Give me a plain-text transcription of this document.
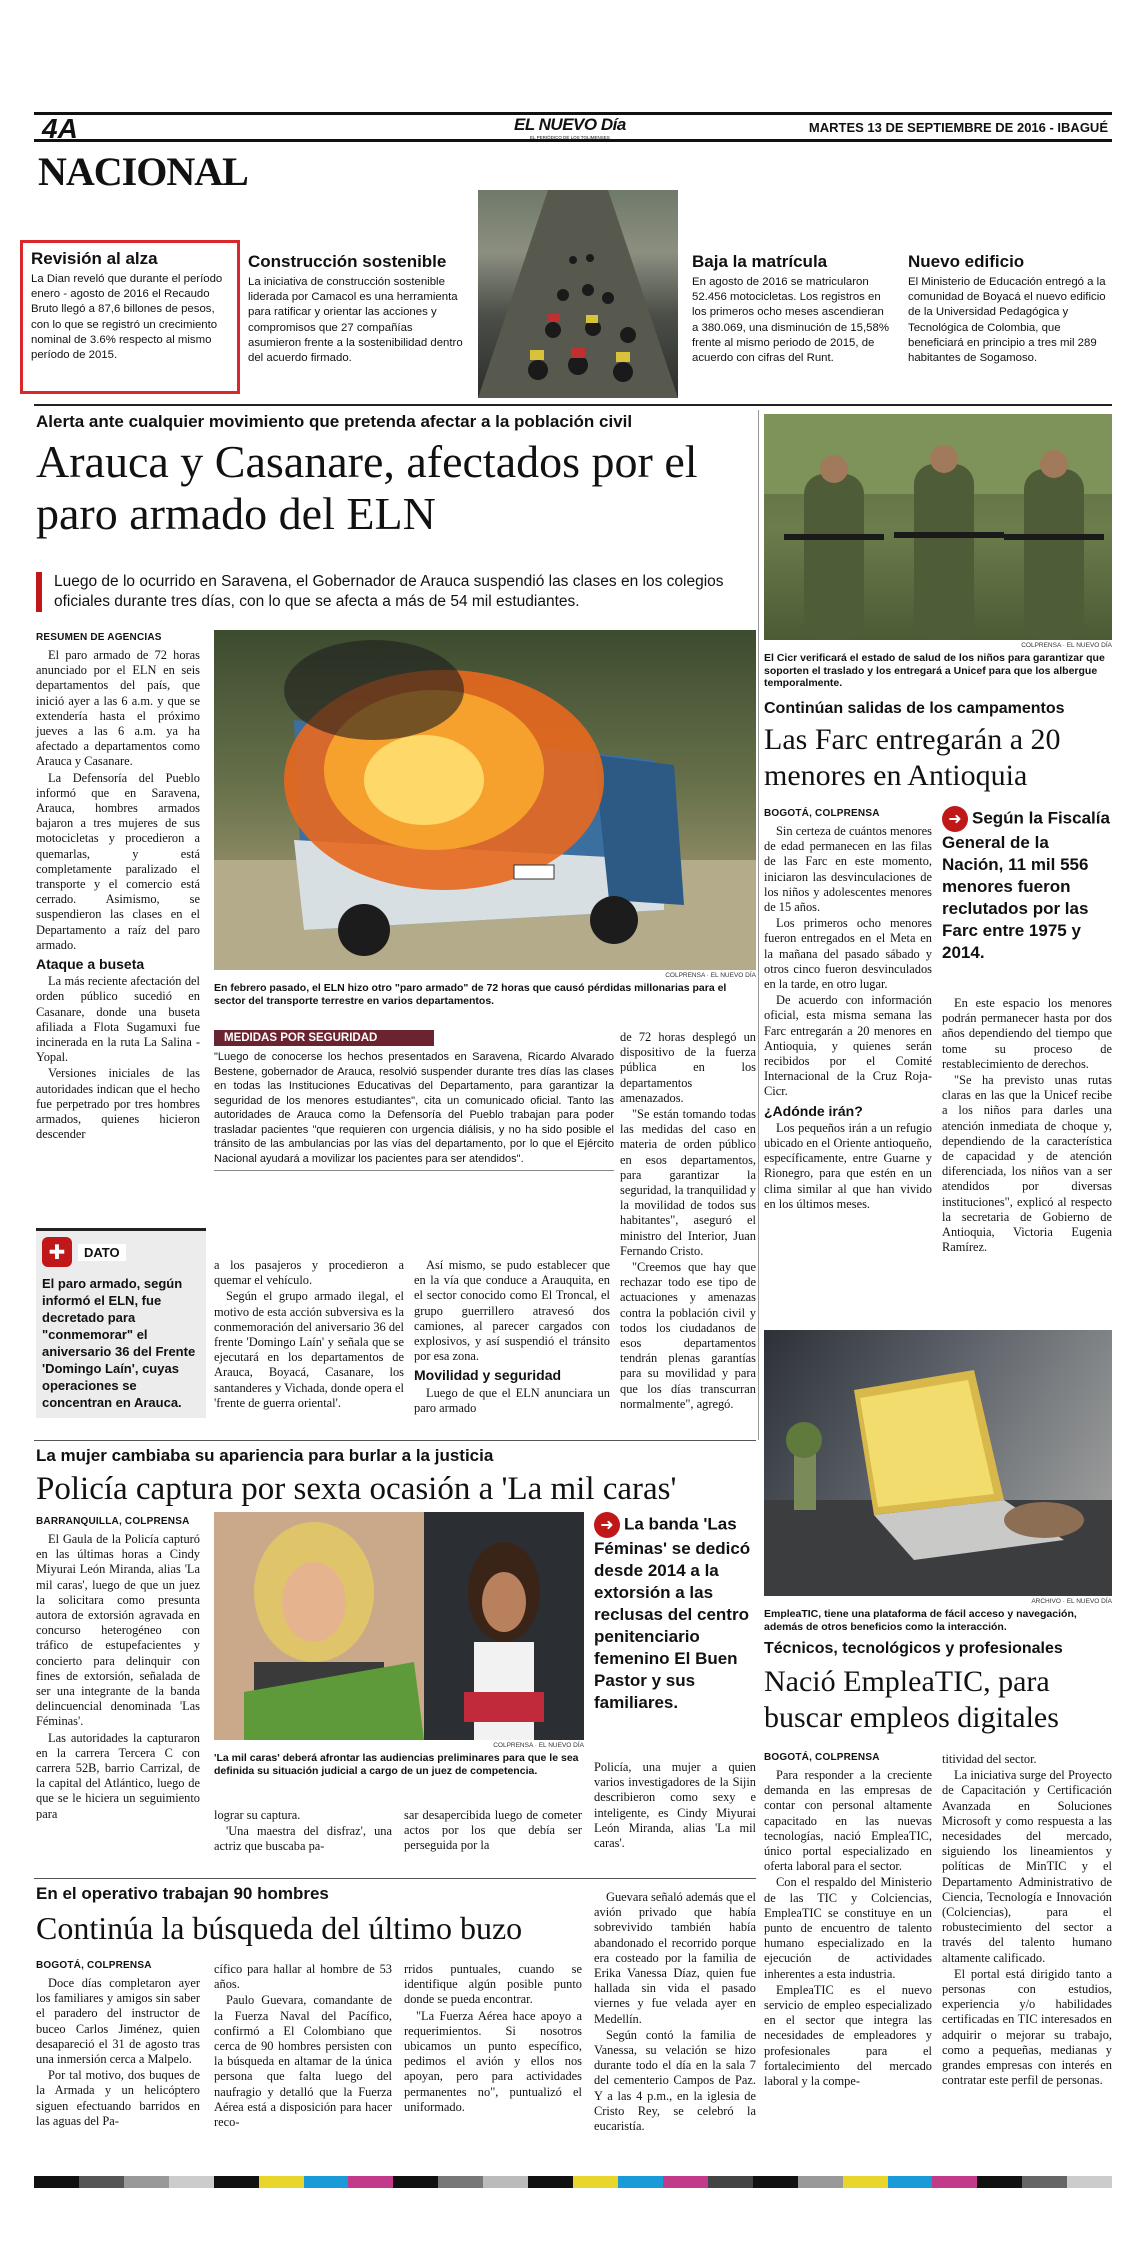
4A	EL NUEVO Día
EL PERIÓDICO DE LOS TOLIMENSES
MARTES 13 DE SEPTIEMBRE DE 2016 - IBAGUÉ
NACIONAL
Revisión al alza
La Dian reveló que durante el período enero - agosto de 2016 el Recaudo Bruto llegó a 87,6 billones de pesos, con lo que se registró un crecimiento nominal de 3.6% respecto al mismo período de 2015.
Construcción sostenible
La iniciativa de construcción sostenible liderada por Camacol es una herramienta para ratificar y orientar las acciones y compromisos que 27 compañías asumieron frente a la sostenibilidad dentro del acuerdo firmado.
Baja la matrícula
En agosto de 2016 se matricularon 52.456 motocicletas. Los registros en los primeros ocho meses ascendieran a 380.069, una disminución de 15,58% frente al mismo periodo de 2015, de acuerdo con cifras del Runt.
Nuevo edificio
El Ministerio de Educación entregó a la comunidad de Boyacá el nuevo edificio de la Universidad Pedagógica y Tecnológica de Colombia, que beneficiará en principio a tres mil 289 habitantes de Sogamoso.
Alerta ante cualquier movimiento que pretenda afectar a la población civil
Arauca y Casanare, afectados por el paro armado del ELN
Luego de lo ocurrido en Saravena, el Gobernador de Arauca suspendió las clases en los colegios oficiales durante tres días, con lo que se afecta a más de 54 mil estudiantes.
RESUMEN DE AGENCIAS

El paro armado de 72 horas anunciado por el ELN en seis departamentos del país, que inició ayer a las 6 a.m. y que se extendería hasta el próximo jueves a las 6 a.m. ya ha afectado a departamentos como Arauca y Casanare.

La Defensoría del Pueblo informó que en Saravena, Arauca, hombres armados bajaron a tres mujeres de sus motocicletas y procedieron a quemarlas, y está completamente paralizado el transporte y el comercio está cerrado. Asimismo, se suspendieron las clases en el Departamento a raíz del paro armado.

Ataque a buseta

La más reciente afectación del orden público sucedió en Casanare, donde una buseta afiliada a Flota Sugamuxi fue incinerada en la ruta La Salina - Yopal.

Versiones iniciales de las autoridades indican que el hecho fue perpetrado por tres hombres armados, quienes hicieron descender

✚	DATO
El paro armado, según informó el ELN, fue decretado para "conmemorar" el aniversario 36 del Frente 'Domingo Laín', cuyas operaciones se concentran en Arauca.
COLPRENSA · EL NUEVO DÍA
En febrero pasado, el ELN hizo otro "paro armado" de 72 horas que causó pérdidas millonarias para el sector del transporte terrestre en varios departamentos.
MEDIDAS POR SEGURIDAD
"Luego de conocerse los hechos presentados en Saravena, Ricardo Alvarado Bestene, gobernador de Arauca, resolvió suspender durante tres días las clases en todas las Instituciones Educativas del Departamento, para garantizar la seguridad de los menores estudiantes", cita un comunicado oficial. Tanto las autoridades de Arauca como la Defensoría del Pueblo trabajan para poder trasladar pacientes "que requieren con urgencia diálisis, y no ha sido posible el tránsito de las ambulancias por las vías del departamento, por lo que el Ejército Nacional ayudará a movilizar los pacientes para ser atendidos".

a los pasajeros y procedieron a quemar el vehículo.

Según el grupo armado ilegal, el motivo de esta acción subversiva es la conmemoración del aniversario 36 del frente 'Domingo Laín' y señala que se ejecutará en los departamentos de Arauca, Boyacá, Casanare, los santanderes y Vichada, donde opera el 'frente de guerra oriental'.

Así mismo, se pudo establecer que en la vía que conduce a Arauquita, en el sector conocido como El Troncal, el grupo guerrillero atravesó dos camiones, al parecer cargados con explosivos, y así suspendió el tránsito por esa zona.

Movilidad y seguridad

Luego de que el ELN anunciara un paro armado

de 72 horas desplegó un dispositivo de la fuerza pública en los departamentos amenazados.

"Se están tomando todas las medidas del caso en materia de orden público en esos departamentos, para garantizar la seguridad, la tranquilidad y la movilidad de todos sus habitantes", aseguró el ministro del Interior, Juan Fernando Cristo.

"Creemos que hay que rechazar todo ese tipo de actuaciones y amenazas contra la población civil y todos los ciudadanos de esos departamentos tendrán plenas garantías para su movilidad y para que los días transcurran normalmente", agregó.

COLPRENSA · EL NUEVO DÍA
El Cicr verificará el estado de salud de los niños para garantizar que soporten el traslado y los entregará a Unicef para que los albergue temporalmente.
Continúan salidas de los campamentos
Las Farc entregarán a 20 menores en Antioquia
BOGOTÁ, COLPRENSA

Sin certeza de cuántos menores de edad permanecen en las filas de las Farc en este momento, iniciaron las desvinculaciones de los niños y adolescentes menores de 15 años.

Los primeros ocho menores fueron entregados en el Meta en la mañana del pasado sábado y otros cinco fueron desvinculados en la tarde, en otro lugar.

De acuerdo con información oficial, esta misma semana las Farc entregarán a 20 menores en Antioquia, y quienes serán recibidos por el Comité Internacional de la Cruz Roja- Cicr.

¿Adónde irán?

Los pequeños irán a un refugio ubicado en el Oriente antioqueño, específicamente, entre Guarne y Rionegro, para que estén en un clima similar al que han vivido en los últimos meses.

➜ Según la Fiscalía General de la Nación, 11 mil 556 menores fueron reclutados por las Farc entre 1975 y 2014.

En este espacio los menores podrán permanecer hasta por dos años dependiendo del tiempo que tome su proceso de restablecimiento de derechos.

"Se ha previsto unas rutas claras en las que la Unicef recibe a los niños para darles una atención inmediata de choque y, dependiendo de la característica de capacidad y de atención diferenciada, los niños van a ser atendidos por diversas instituciones", explicó al respecto la secretaria de Gobierno de Antioquia, Victoria Eugenia Ramírez.

ARCHIVO · EL NUEVO DÍA
EmpleaTIC, tiene una plataforma de fácil acceso y navegación, además de otros beneficios como la interacción.
La mujer cambiaba su apariencia para burlar a la justicia
Policía captura por sexta ocasión a 'La mil caras'
BARRANQUILLA, COLPRENSA

El Gaula de la Policía capturó en las últimas horas a Cindy Miyurai León Miranda, alias 'La mil caras', luego de que un juez la solicitara como presunta autora de extorsión agravada en concurso heterogéneo con tráfico de estupefacientes y concierto para delinquir con fines de extorsión, señalada de ser una integrante de la banda delincuencial denominada 'Las Féminas'.

Las autoridades la capturaron en la carrera Tercera C con carrera 52B, barrio Carrizal, de la capital del Atlántico, luego de que se le hiciera un seguimiento para

COLPRENSA · EL NUEVO DÍA
'La mil caras' deberá afrontar las audiencias preliminares para que le sea definida su situación judicial a cargo de un juez de competencia.
➜ La banda 'Las Féminas' se dedicó desde 2014 a la extorsión a las reclusas del centro penitenciario femenino El Buen Pastor y sus familiares.

Policía, una mujer a quien varios investigadores de la Sijin describieron como sexy e inteligente, es Cindy Miyurai León Miranda, alias 'La mil caras'.

lograr su captura.

'Una maestra del disfraz', una actriz que buscaba pa-

sar desapercibida luego de cometer actos por los que debía ser perseguida por la

En el operativo trabajan 90 hombres
Continúa la búsqueda del último buzo
BOGOTÁ, COLPRENSA

Doce días completaron ayer los familiares y amigos sin saber el paradero del instructor de buceo Carlos Jiménez, quien desapareció el 31 de agosto tras una inmersión cerca a Malpelo.

Por tal motivo, dos buques de la Armada y un helicóptero siguen efectuando barridos en las aguas del Pa-

cífico para hallar al hombre de 53 años.

Paulo Guevara, comandante de la Fuerza Naval del Pacífico, confirmó a El Colombiano que cerca de 90 hombres persisten con la búsqueda en altamar de la única persona que falta luego del naufragio y detalló que la Fuerza Aérea está a disposición para hacer reco-

rridos puntuales, cuando se identifique algún posible punto donde se pueda encontrar.

"La Fuerza Aérea hace apoyo a requerimientos. Si nosotros ubicamos un punto específico, pedimos el avión y ellos nos apoyan, pero para actividades permanentes no", puntualizó el uniformado.

Guevara señaló además que el avión privado que había sobrevivido también había abandonado el recorrido porque era costeado por la familia de Erika Vanessa Díaz, quien fue hallada sin vida el pasado viernes y fue velada ayer en Medellín.

Según contó la familia de Vanessa, su velación se hizo durante todo el día en la sala 7 del cementerio Campos de Paz. Y a las 4 p.m., en la iglesia de Cristo Rey, se celebró la eucaristía.

Técnicos, tecnológicos y profesionales
Nació EmpleaTIC, para buscar empleos digitales
BOGOTÁ, COLPRENSA

Para responder a la creciente demanda en las empresas de contar con personal altamente capacitado en las nuevas tecnologías, nació EmpleaTIC, único portal especializado en oferta laboral para el sector.

Con el respaldo del Ministerio de las TIC y Colciencias, EmpleaTIC se constituye en un punto de encuentro de talento humano especializado en la ejecución de actividades inherentes a esta industria.

EmpleaTIC es el nuevo servicio de empleo especializado en el sector que integra las necesidades de empleadores y profesionales para el fortalecimiento del mercado laboral y la compe-

titividad del sector.

La iniciativa surge del Proyecto de Capacitación y Certificación Avanzada en Soluciones Microsoft y como respuesta a las necesidades del mercado, siguiendo los lineamientos y políticas de MinTIC y el Departamento Administrativo de Ciencia, Tecnología e Innovación (Colciencias), para el robustecimiento del sector a través del talento humano altamente calificado.

El portal está dirigido tanto a personas con estudios, experiencia y/o habilidades certificadas en TIC interesados en adquirir o mejorar su trabajo, como a pequeñas, medianas y grandes empresas con interés en contratar este perfil de personas.
